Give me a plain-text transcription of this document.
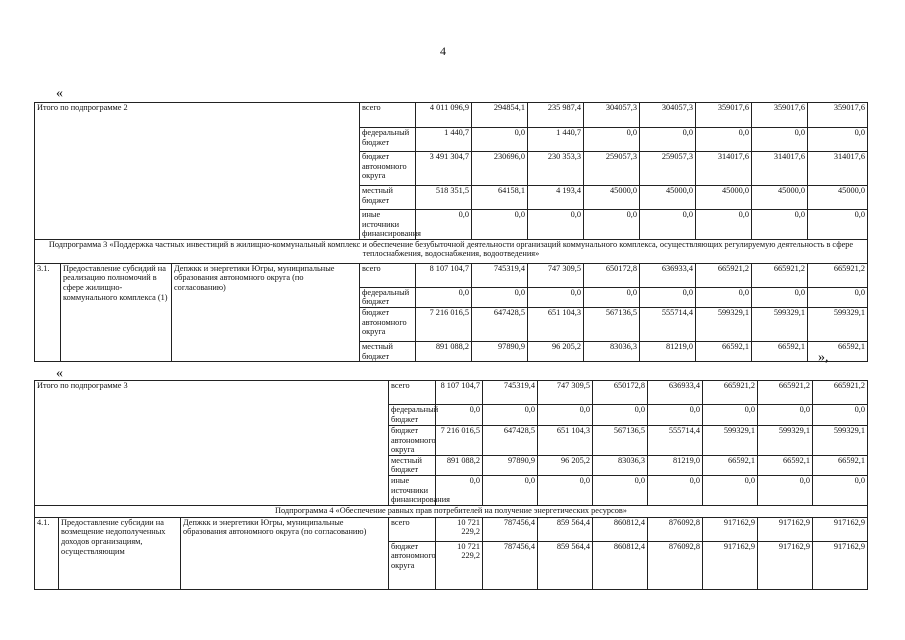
4
«
Итого по подпрограмме 2			всего	4 011 096,9	294854,1	235 987,4	304057,3	304057,3	359017,6	359017,6	359017,6	
			федеральный бюджет	1 440,7	0,0	1 440,7	0,0	0,0	0,0	0,0	0,0	
			бюджет автономного округа	3 491 304,7	230696,0	230 353,3	259057,3	259057,3	314017,6	314017,6	314017,6	
			местный бюджет	518 351,5	64158,1	4 193,4	45000,0	45000,0	45000,0	45000,0	45000,0	
			иные источники финансирования	0,0	0,0	0,0	0,0	0,0	0,0	0,0	0,0	
Подпрограмма 3 «Поддержка частных инвестиций в жилищно-коммунальный комплекс и обеспечение безубыточной деятельности организаций коммунального комплекса, осуществляющих регулируемую деятельность в сфере теплоснабжения, водоснабжения, водоотведения»												
3.1.	Предоставление субсидий на реализацию полномочий в сфере жилищно-коммунального комплекса (1)	Депжкк и энергетики Югры, муниципальные образования автономного округа (по согласованию)	всего	8 107 104,7	745319,4	747 309,5	650172,8	636933,4	665921,2	665921,2	665921,2	
			федеральный бюджет	0,0	0,0	0,0	0,0	0,0	0,0	0,0	0,0	
			бюджет автономного округа	7 216 016,5	647428,5	651 104,3	567136,5	555714,4	599329,1	599329,1	599329,1	
			местный бюджет	891 088,2	97890,9	96 205,2	83036,3	81219,0	66592,1	66592,1	66592,1	
»,
«
Итого по подпрограмме 3			всего	8 107 104,7	745319,4	747 309,5	650172,8	636933,4	665921,2	665921,2	665921,2	
			федеральный бюджет	0,0	0,0	0,0	0,0	0,0	0,0	0,0	0,0	
			бюджет автономного округа	7 216 016,5	647428,5	651 104,3	567136,5	555714,4	599329,1	599329,1	599329,1	
			местный бюджет	891 088,2	97890,9	96 205,2	83036,3	81219,0	66592,1	66592,1	66592,1	
			иные источники финансирования	0,0	0,0	0,0	0,0	0,0	0,0	0,0	0,0	
Подпрограмма 4 «Обеспечение равных прав потребителей на получение энергетических ресурсов»												
4.1.	Предоставление субсидии на возмещение недополученных доходов организациям, осуществляющим	Депжкк и энергетики Югры, муниципальные образования автономного округа (по согласованию)	всего	10 721 229,2	787456,4	859 564,4	860812,4	876092,8	917162,9	917162,9	917162,9	
			бюджет автономного округа	10 721 229,2	787456,4	859 564,4	860812,4	876092,8	917162,9	917162,9	917162,9	
